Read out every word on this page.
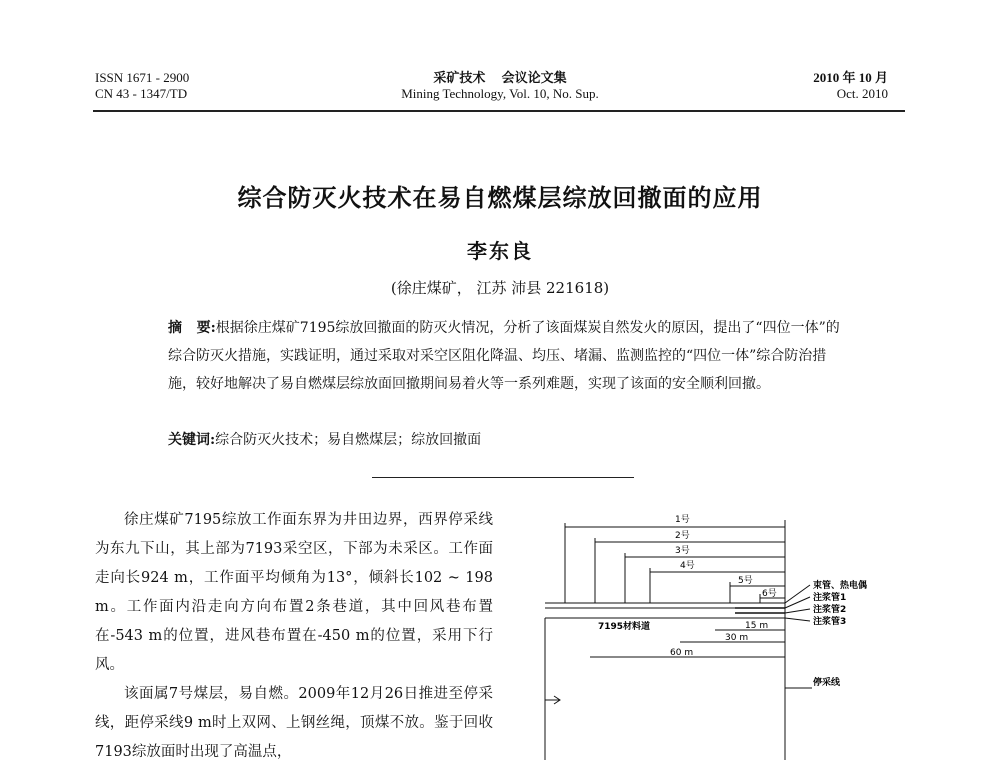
ISSN 1671 - 2900
CN 43 - 1347/TD
采矿技术     会议论文集
Mining Technology, Vol. 10, No. Sup.
2010 年 10 月
Oct. 2010
综合防灭火技术在易自燃煤层综放回撤面的应用
李东良
(徐庄煤矿， 江苏 沛县 221618)
摘   要:根据徐庄煤矿7195综放回撤面的防灭火情况，分析了该面煤炭自然发火的原因，提出了“四位一体”的综合防灭火措施，实践证明，通过采取对采空区阻化降温、均压、堵漏、监测监控的“四位一体”综合防治措施，较好地解决了易自燃煤层综放面回撤期间易着火等一系列难题，实现了该面的安全顺利回撤。
关键词:综合防灭火技术；易自燃煤层；综放回撤面

徐庄煤矿7195综放工作面东界为井田边界，西界停采线为东九下山，其上部为7193采空区，下部为未采区。工作面走向长924 m，工作面平均倾角为13°，倾斜长102 ~ 198 m。工作面内沿走向方向布置2条巷道，其中回风巷布置在-543 m的位置，进风巷布置在-450 m的位置，采用下行风。

该面属7号煤层，易自燃。2009年12月26日推进至停采线，距停采线9 m时上双网、上钢丝绳，顶煤不放。鉴于回收7193综放面时出现了高温点，

1号
2号
3号
4号
5号
6号
束管、热电偶
注浆管1
注浆管2
注浆管3
7195材料道	15 m
30 m
60 m
停采线
